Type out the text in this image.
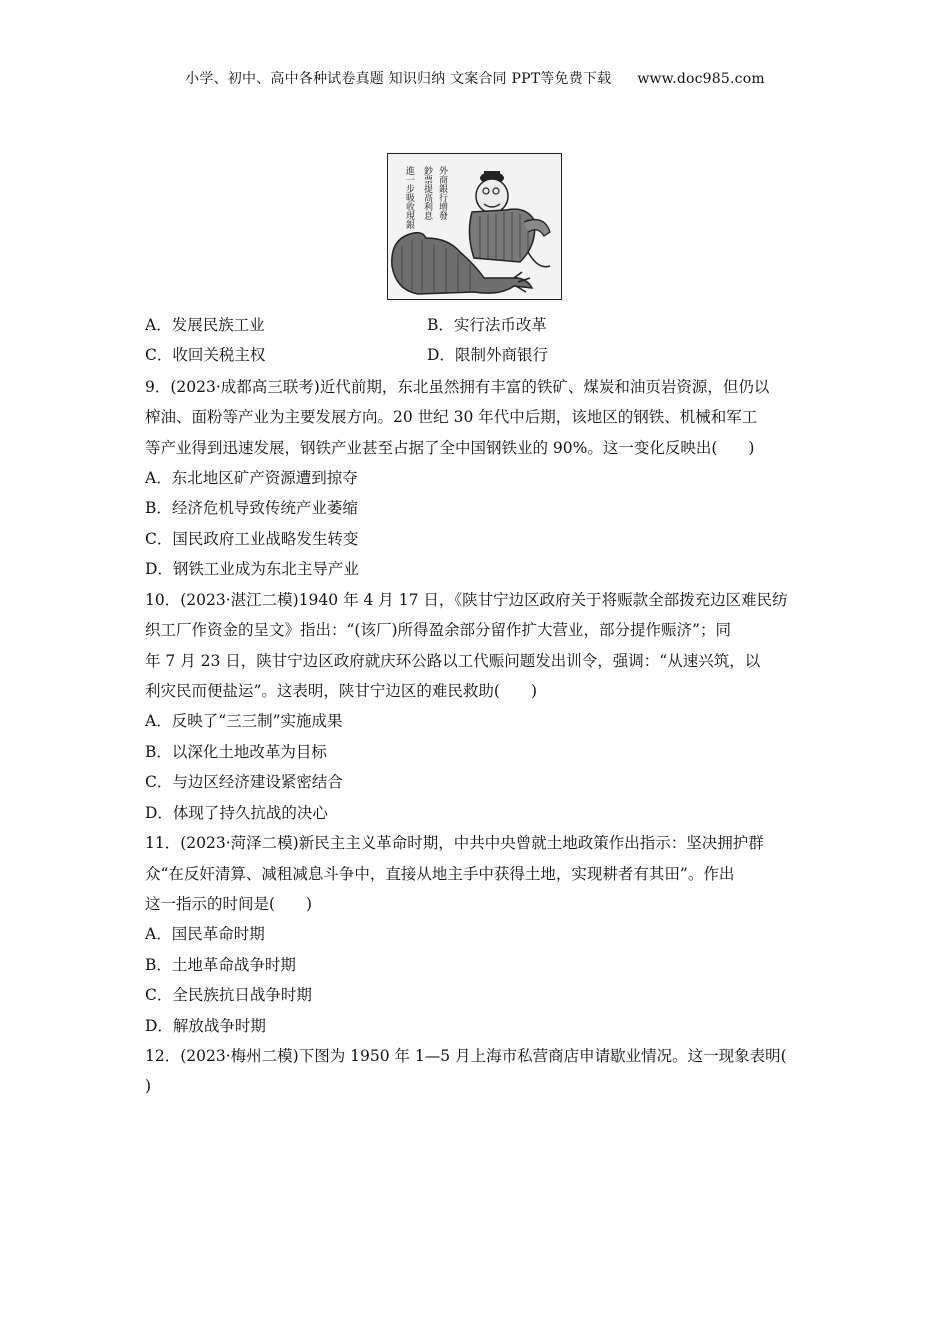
小学、初中、高中各种试卷真题 知识归纳 文案合同 PPT等免费下载 www.doc985.com
進一步吸收現銀 鈔票提高利息 外商銀行增發
A．发展民族工业	B．实行法币改革
C．收回关税主权	D．限制外商银行
9．(2023·成都高三联考)近代前期，东北虽然拥有丰富的铁矿、煤炭和油页岩资源，但仍以
榨油、面粉等产业为主要发展方向。20 世纪 30 年代中后期，该地区的钢铁、机械和军工
等产业得到迅速发展，钢铁产业甚至占据了全中国钢铁业的 90%。这一变化反映出(　　)
A．东北地区矿产资源遭到掠夺
B．经济危机导致传统产业萎缩
C．国民政府工业战略发生转变
D．钢铁工业成为东北主导产业
10．(2023·湛江二模)1940 年 4 月 17 日，《陕甘宁边区政府关于将赈款全部拨充边区难民纺
织工厂作资金的呈文》指出：“(该厂)所得盈余部分留作扩大营业，部分提作赈济”；同
年 7 月 23 日，陕甘宁边区政府就庆环公路以工代赈问题发出训令，强调：“从速兴筑，以
利灾民而便盐运”。这表明，陕甘宁边区的难民救助(　　)
A．反映了“三三制”实施成果
B．以深化土地改革为目标
C．与边区经济建设紧密结合
D．体现了持久抗战的决心
11．(2023·菏泽二模)新民主主义革命时期，中共中央曾就土地政策作出指示：坚决拥护群
众“在反奸清算、减租减息斗争中，直接从地主手中获得土地，实现耕者有其田”。作出
这一指示的时间是(　　)
A．国民革命时期
B．土地革命战争时期
C．全民族抗日战争时期
D．解放战争时期
12．(2023·梅州二模)下图为 1950 年 1—5 月上海市私营商店申请歇业情况。这一现象表明(
)
